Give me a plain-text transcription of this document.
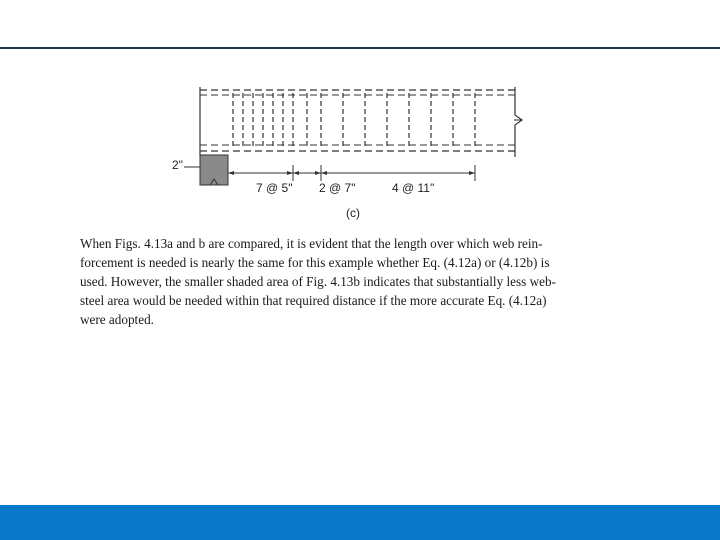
2"
7 @ 5" 2 @ 7"	4 @ 11"
(c)
When Figs. 4.13a and b are compared, it is evident that the length over which web rein-
forcement is needed is nearly the same for this example whether Eq. (4.12a) or (4.12b) is
used. However, the smaller shaded area of Fig. 4.13b indicates that substantially less web-
steel area would be needed within that required distance if the more accurate Eq. (4.12a)
were adopted.
